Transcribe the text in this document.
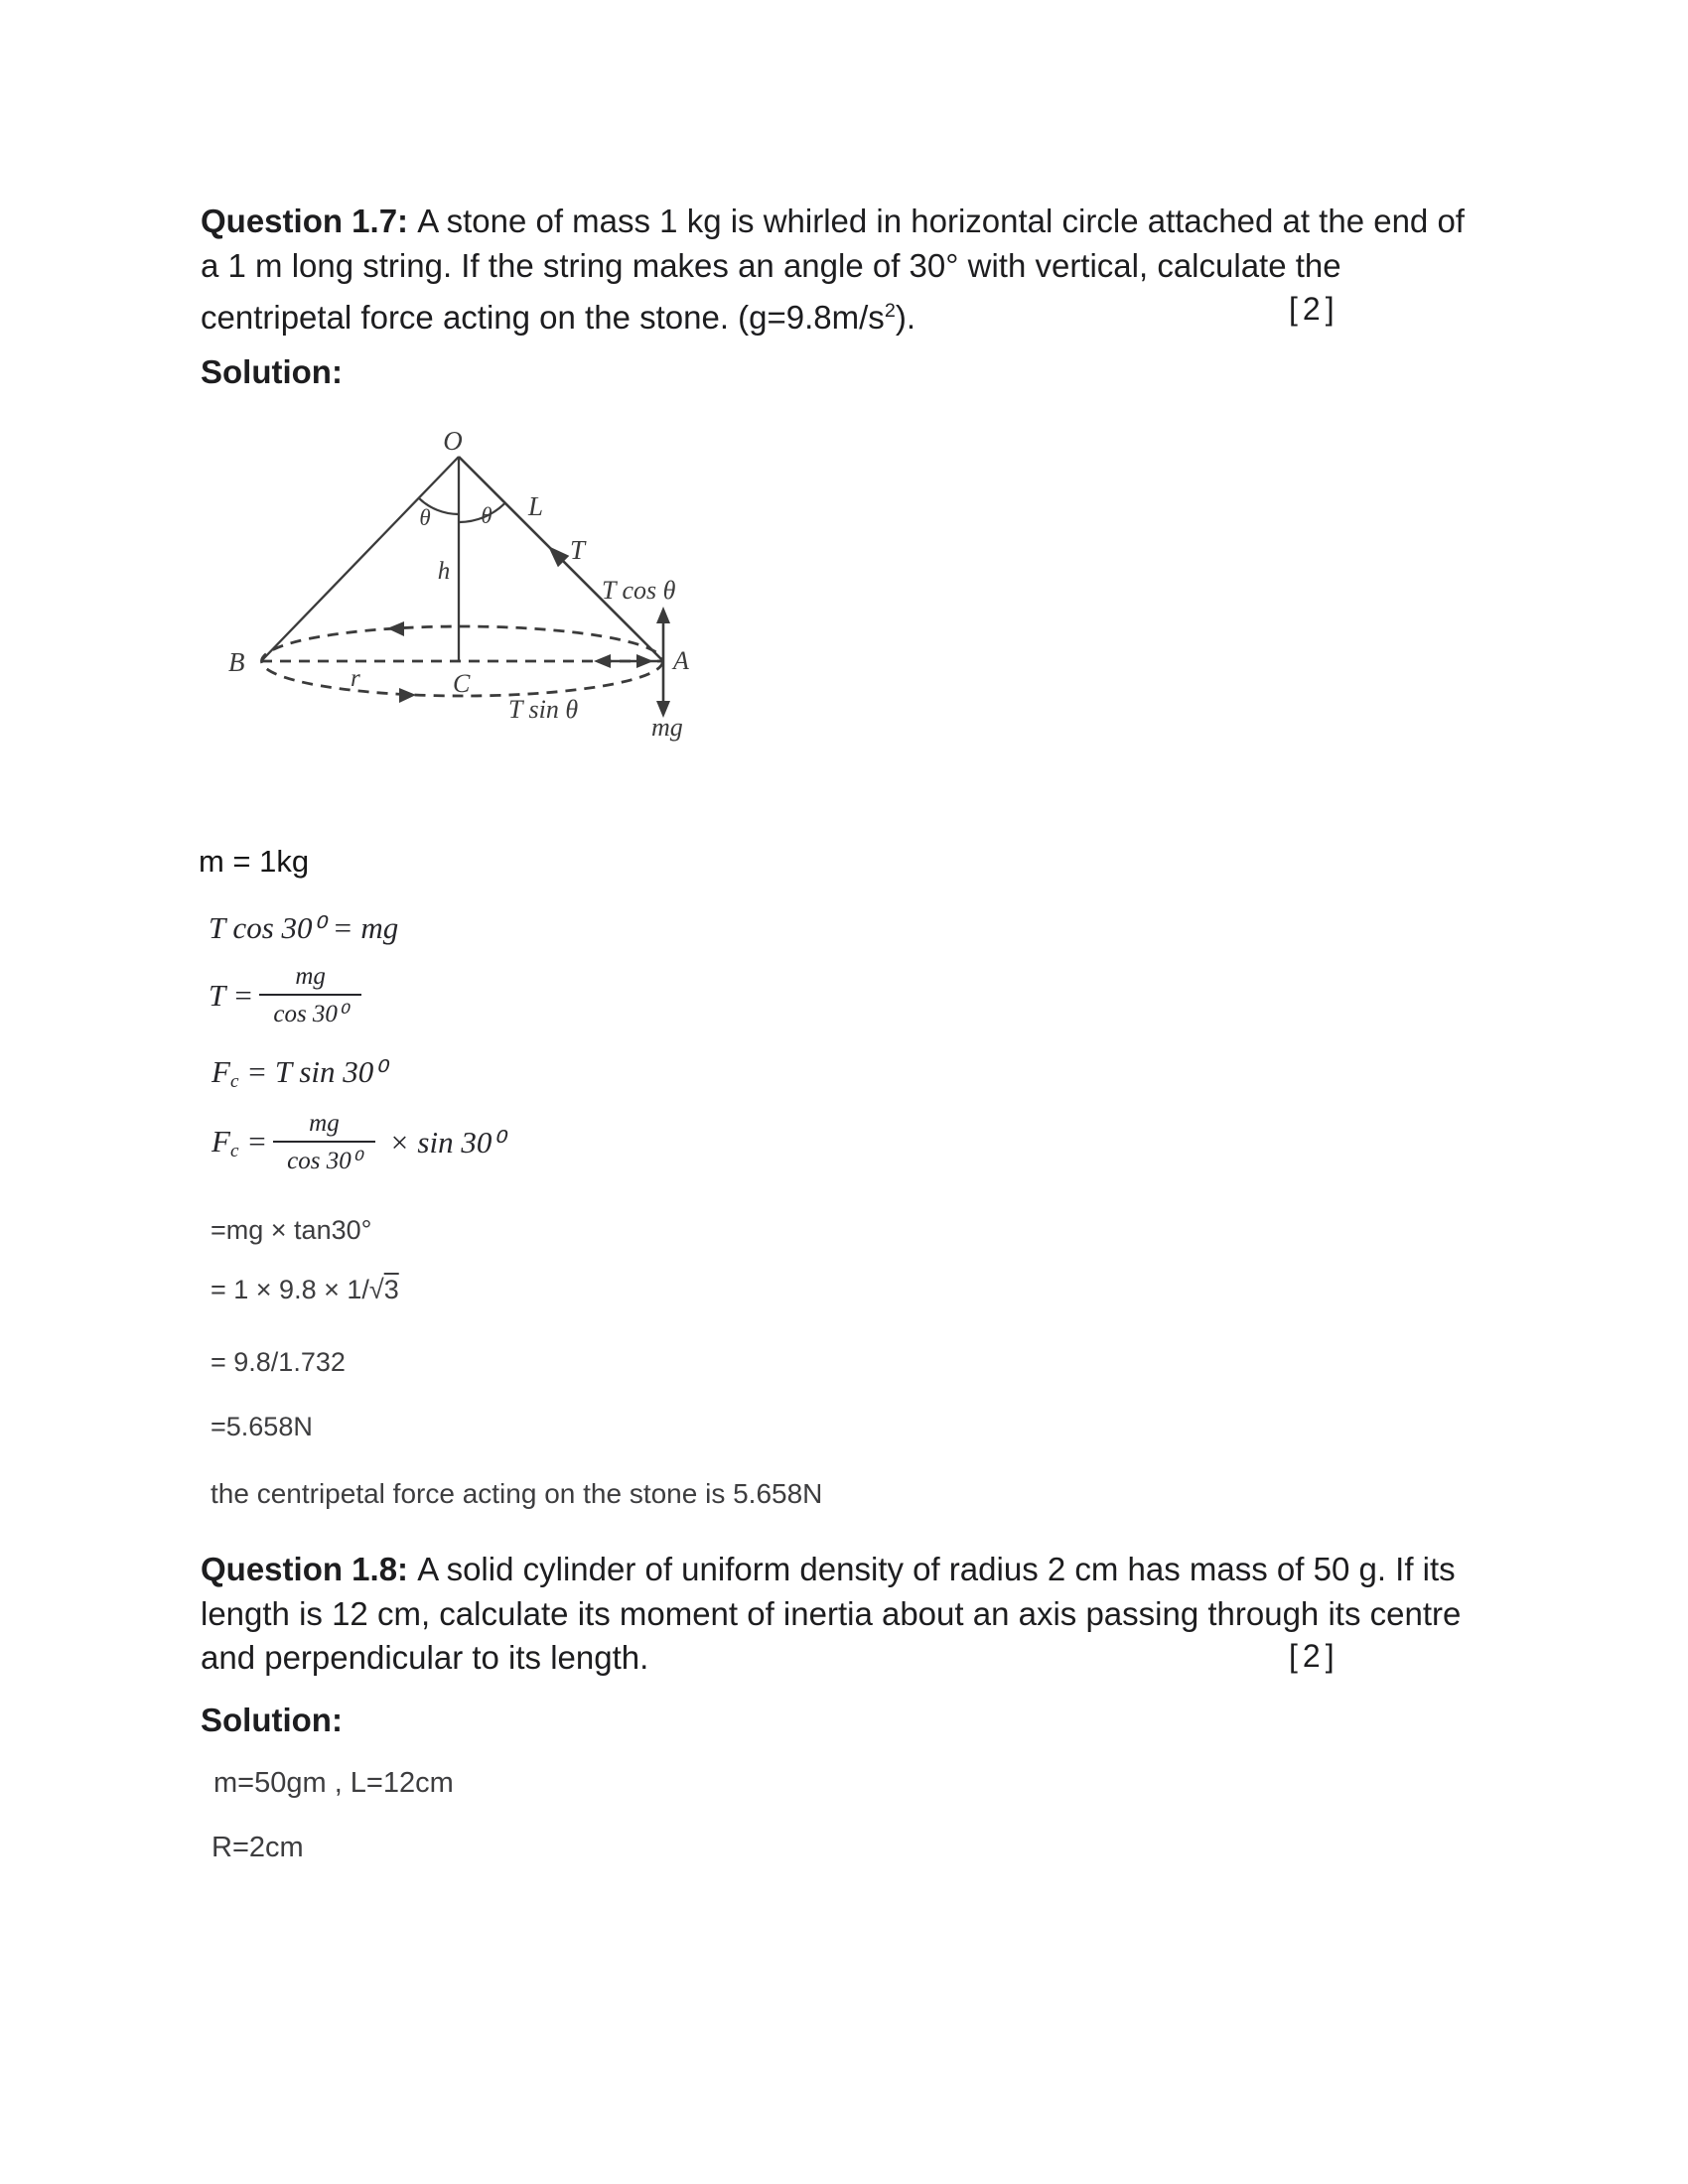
Question 1.7: A stone of mass 1 kg is whirled in horizontal circle attached at the end of
a 1 m long string. If the string makes an angle of 30° with vertical, calculate the
centripetal force acting on the stone. $(g=9.8m/s^2)$.	[2]
Solution:
O
θ θ L
T
h
T cos θ
T sin θ
mg
B
C
A
r
m = 1kg
T cos 30⁰ = mg
$T = \frac{mg}{\text{cos 30⁰}}$
$F_c = T$ sin 30⁰
$F_c = \frac{mg}{\text{cos 30⁰}} \times \sin 30^0$
=mg × tan30°
= 1 × 9.8 × 1/√3
= 9.8/1.732
=5.658N
the centripetal force acting on the stone is 5.658N
Question 1.8: A solid cylinder of uniform density of radius 2 cm has mass of 50 g. If its
length is 12 cm, calculate its moment of inertia about an axis passing through its centre
and perpendicular to its length.	[2]
Solution:
m=50gm , L=12cm
R=2cm
